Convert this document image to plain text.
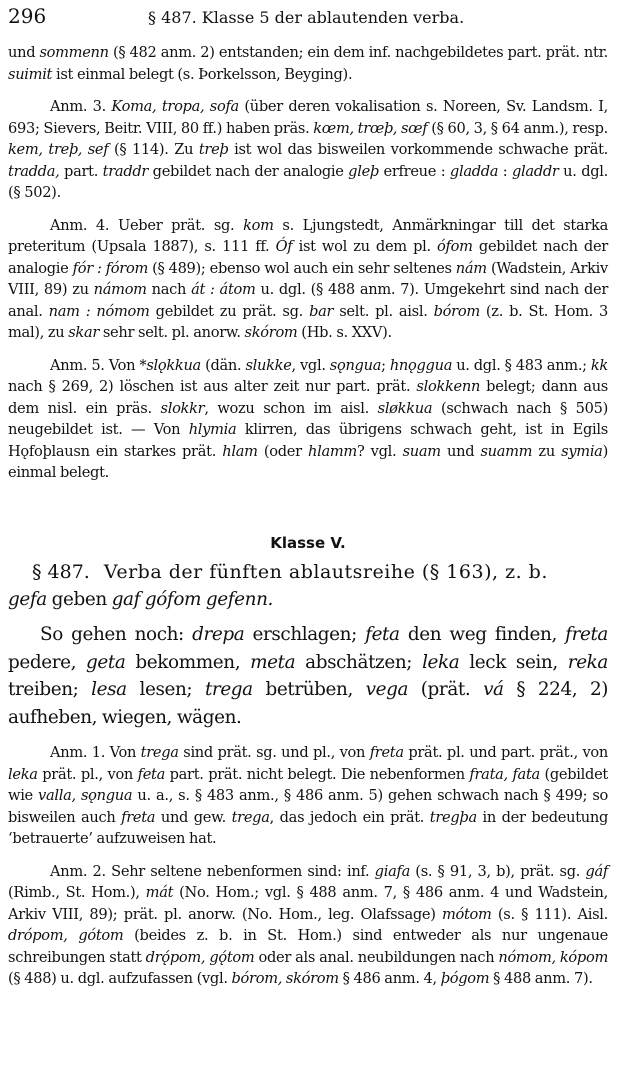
296	§ 487. Klasse 5 der ablautenden verba.

und sommenn (§ 482 anm. 2) entstanden; ein dem inf. nachgebildetes part. prät. ntr. suimit ist einmal belegt (s. Þorkelsson, Beyging).

Anm. 3. Koma, tropa, sofa (über deren vokalisation s. Noreen, Sv. Landsm. I, 693; Sievers, Beitr. VIII, 80 ff.) haben präs. kœm, trœþ, sœf (§ 60, 3, § 64 anm.), resp. kem, treþ, sef (§ 114). Zu treþ ist wol das bisweilen vorkommende schwache prät. tradda, part. traddr gebildet nach der analogie gleþ erfreue : gladda : gladdr u. dgl. (§ 502).

Anm. 4. Ueber prät. sg. kom s. Ljungstedt, Anmärkningar till det starka preteritum (Upsala 1887), s. 111 ff. Óf ist wol zu dem pl. ófom gebildet nach der analogie fór : fórom (§ 489); ebenso wol auch ein sehr seltenes nám (Wadstein, Arkiv VIII, 89) zu námom nach át : átom u. dgl. (§ 488 anm. 7). Umgekehrt sind nach der anal. nam : nómom gebildet zu prät. sg. bar selt. pl. aisl. bórom (z. b. St. Hom. 3 mal), zu skar sehr selt. pl. anorw. skórom (Hb. s. XXV).

Anm. 5. Von *slǫkkua (dän. slukke, vgl. sǫngua; hnǫggua u. dgl. § 483 anm.; kk nach § 269, 2) löschen ist aus alter zeit nur part. prät. slokkenn belegt; dann aus dem nisl. ein präs. slokkr, wozu schon im aisl. sløkkua (schwach nach § 505) neugebildet ist. — Von hlymia klirren, das übrigens schwach geht, ist in Egils Hǫfoþlausn ein starkes prät. hlam (oder hlamm? vgl. suam und suamm zu symia) einmal belegt.

Klasse V.

§ 487. Verba der fünften ablautsreihe (§ 163), z. b.

gefa geben gaf gófom gefenn.

So gehen noch: drepa erschlagen; feta den weg finden, freta pedere, geta bekommen, meta abschätzen; leka leck sein, reka treiben; lesa lesen; trega betrüben, vega (prät. vá § 224, 2) aufheben, wiegen, wägen.

Anm. 1. Von trega sind prät. sg. und pl., von freta prät. pl. und part. prät., von leka prät. pl., von feta part. prät. nicht belegt. Die nebenformen frata, fata (gebildet wie valla, sǫngua u. a., s. § 483 anm., § 486 anm. 5) gehen schwach nach § 499; so bisweilen auch freta und gew. trega, das jedoch ein prät. tregþa in der bedeutung ‘betrauerte’ aufzuweisen hat.

Anm. 2. Sehr seltene nebenformen sind: inf. giafa (s. § 91, 3, b), prät. sg. gáf (Rimb., St. Hom.), mát (No. Hom.; vgl. § 488 anm. 7, § 486 anm. 4 und Wadstein, Arkiv VIII, 89); prät. pl. anorw. (No. Hom., leg. Olafssage) mótom (s. § 111). Aisl. drópom, gótom (beides z. b. in St. Hom.) sind entweder als nur ungenaue schreibungen statt drǫ́pom, gǫ́tom oder als anal. neubildungen nach nómom, kópom (§ 488) u. dgl. aufzufassen (vgl. bórom, skórom § 486 anm. 4, þógom § 488 anm. 7).
